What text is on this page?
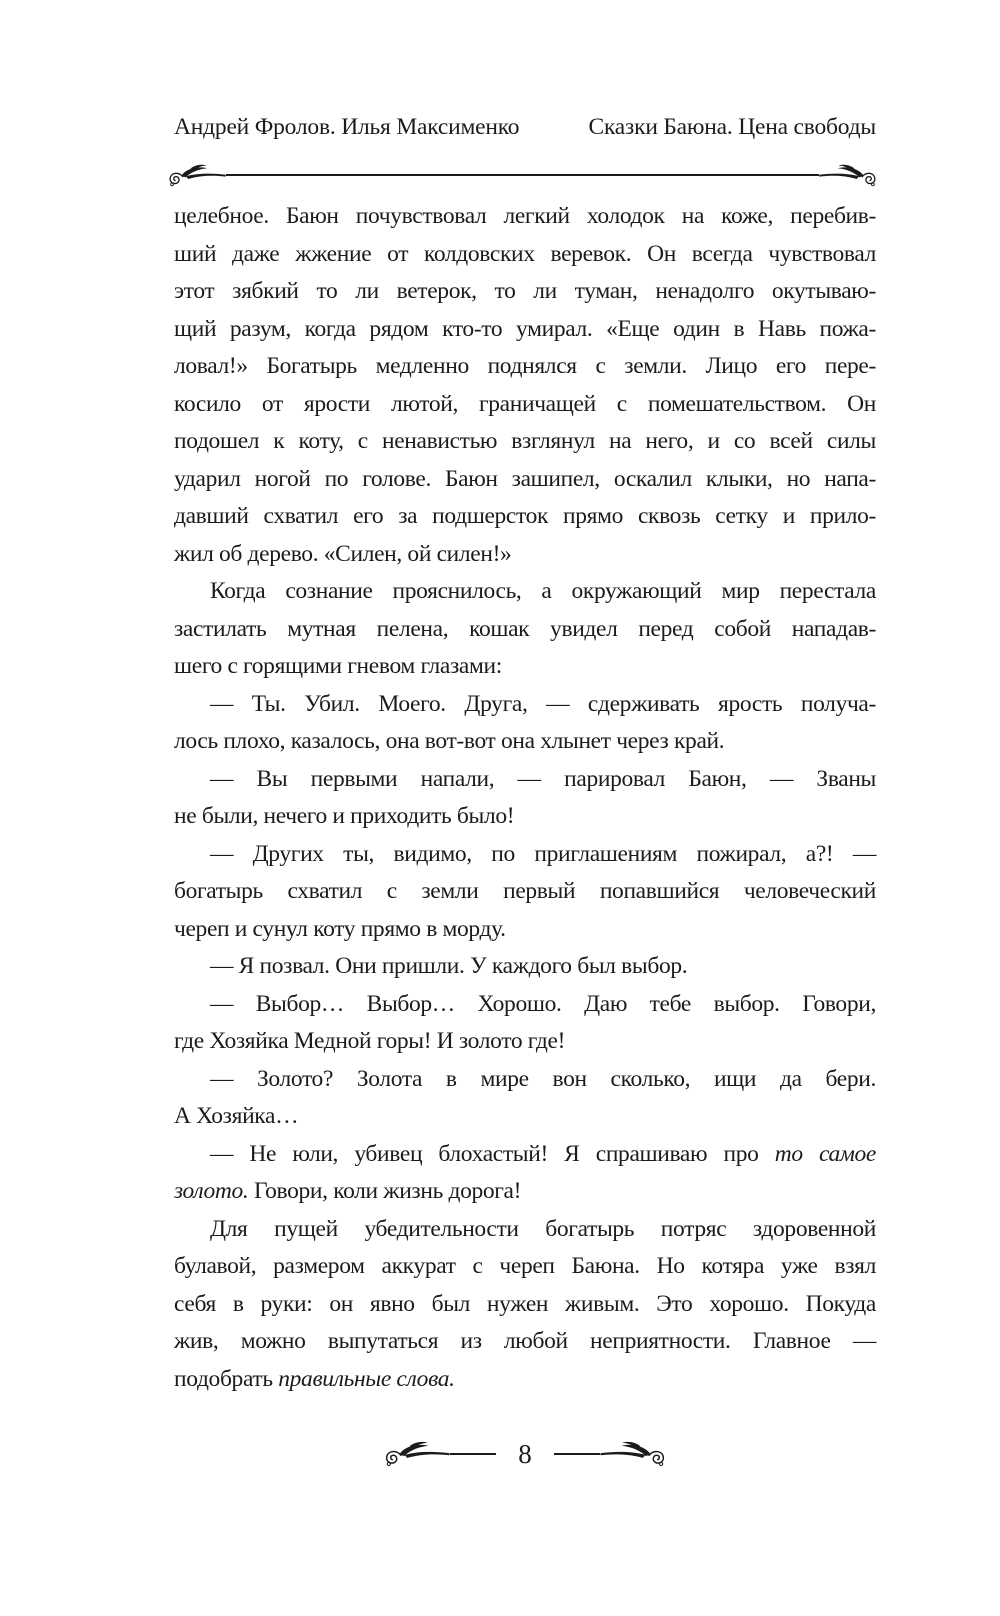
Андрей Фролов. Илья Максименко	Сказки Баюна. Цена свободы
целебное. Баюн почувствовал легкий холодок на коже, перебив-
ший даже жжение от колдовских веревок. Он всегда чувствовал
этот зябкий то ли ветерок, то ли туман, ненадолго окутываю-
щий разум, когда рядом кто-то умирал. «Еще один в Навь пожа-
ловал!» Богатырь медленно поднялся с земли. Лицо его пере-
косило от ярости лютой, граничащей с помешательством. Он
подошел к коту, с ненавистью взглянул на него, и со всей силы
ударил ногой по голове. Баюн зашипел, оскалил клыки, но напа-
давший схватил его за подшерсток прямо сквозь сетку и прило-
жил об дерево. «Силен, ой силен!»
Когда сознание прояснилось, а окружающий мир перестала
застилать мутная пелена, кошак увидел перед собой нападав-
шего с горящими гневом глазами:
— Ты. Убил. Моего. Друга, — сдерживать ярость получа-
лось плохо, казалось, она вот-вот она хлынет через край.
— Вы первыми напали, — парировал Баюн, — Званы
не были, нечего и приходить было!
— Других ты, видимо, по приглашениям пожирал, а?! —
богатырь схватил с земли первый попавшийся человеческий
череп и сунул коту прямо в морду.
— Я позвал. Они пришли. У каждого был выбор.
— Выбор… Выбор… Хорошо. Даю тебе выбор. Говори,
где Хозяйка Медной горы! И золото где!
— Золото? Золота в мире вон сколько, ищи да бери.
А Хозяйка…
— Не юли, убивец блохастый! Я спрашиваю про то самое
золото. Говори, коли жизнь дорога!
Для пущей убедительности богатырь потряс здоровенной
булавой, размером аккурат с череп Баюна. Но котяра уже взял
себя в руки: он явно был нужен живым. Это хорошо. Покуда
жив, можно выпутаться из любой неприятности. Главное —
подобрать правильные слова.
8
